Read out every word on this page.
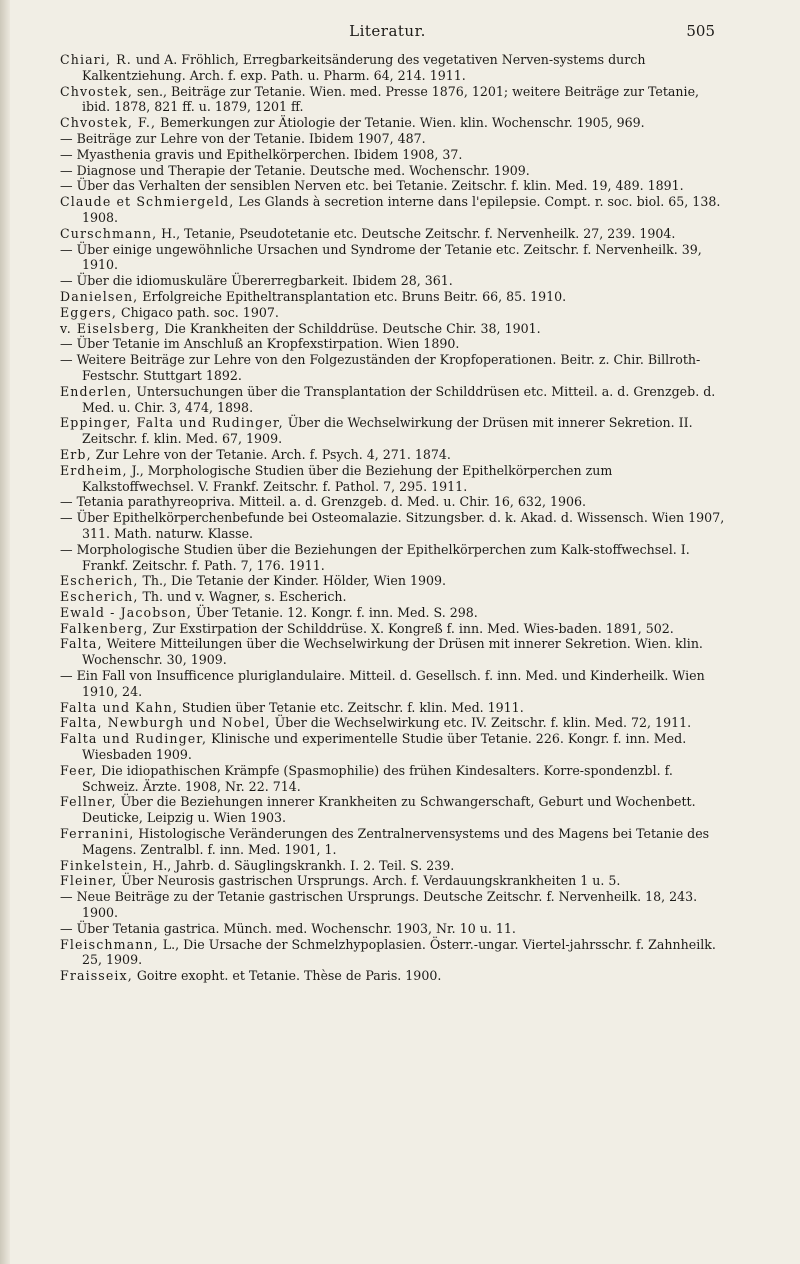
Literatur.	505

Chiari, R. und A. Fröhlich, Erregbarkeitsänderung des vegetativen Nerven-systems durch Kalkentziehung. Arch. f. exp. Path. u. Pharm. 64, 214. 1911.

Chvostek, sen., Beiträge zur Tetanie. Wien. med. Presse 1876, 1201; weitere Beiträge zur Tetanie, ibid. 1878, 821 ff. u. 1879, 1201 ff.

Chvostek, F., Bemerkungen zur Ätiologie der Tetanie. Wien. klin. Wochenschr. 1905, 969.

— Beiträge zur Lehre von der Tetanie. Ibidem 1907, 487.

— Myasthenia gravis und Epithelkörperchen. Ibidem 1908, 37.

— Diagnose und Therapie der Tetanie. Deutsche med. Wochenschr. 1909.

— Über das Verhalten der sensiblen Nerven etc. bei Tetanie. Zeitschr. f. klin. Med. 19, 489. 1891.

Claude et Schmiergeld, Les Glands à secretion interne dans l'epilepsie. Compt. r. soc. biol. 65, 138. 1908.

Curschmann, H., Tetanie, Pseudotetanie etc. Deutsche Zeitschr. f. Nervenheilk. 27, 239. 1904.

— Über einige ungewöhnliche Ursachen und Syndrome der Tetanie etc. Zeitschr. f. Nervenheilk. 39, 1910.

— Über die idiomuskuläre Übererregbarkeit. Ibidem 28, 361.

Danielsen, Erfolgreiche Epitheltransplantation etc. Bruns Beitr. 66, 85. 1910.

Eggers, Chigaco path. soc. 1907.

v. Eiselsberg, Die Krankheiten der Schilddrüse. Deutsche Chir. 38, 1901.

— Über Tetanie im Anschluß an Kropfexstirpation. Wien 1890.

— Weitere Beiträge zur Lehre von den Folgezuständen der Kropfoperationen. Beitr. z. Chir. Billroth-Festschr. Stuttgart 1892.

Enderlen, Untersuchungen über die Transplantation der Schilddrüsen etc. Mitteil. a. d. Grenzgeb. d. Med. u. Chir. 3, 474, 1898.

Eppinger, Falta und Rudinger, Über die Wechselwirkung der Drüsen mit innerer Sekretion. II. Zeitschr. f. klin. Med. 67, 1909.

Erb, Zur Lehre von der Tetanie. Arch. f. Psych. 4, 271. 1874.

Erdheim, J., Morphologische Studien über die Beziehung der Epithelkörperchen zum Kalkstoffwechsel. V. Frankf. Zeitschr. f. Pathol. 7, 295. 1911.

— Tetania parathyreopriva. Mitteil. a. d. Grenzgeb. d. Med. u. Chir. 16, 632, 1906.

— Über Epithelkörperchenbefunde bei Osteomalazie. Sitzungsber. d. k. Akad. d. Wissensch. Wien 1907, 311. Math. naturw. Klasse.

— Morphologische Studien über die Beziehungen der Epithelkörperchen zum Kalk-stoffwechsel. I. Frankf. Zeitschr. f. Path. 7, 176. 1911.

Escherich, Th., Die Tetanie der Kinder. Hölder, Wien 1909.

Escherich, Th. und v. Wagner, s. Escherich.

Ewald - Jacobson, Über Tetanie. 12. Kongr. f. inn. Med. S. 298.

Falkenberg, Zur Exstirpation der Schilddrüse. X. Kongreß f. inn. Med. Wies-baden. 1891, 502.

Falta, Weitere Mitteilungen über die Wechselwirkung der Drüsen mit innerer Sekretion. Wien. klin. Wochenschr. 30, 1909.

— Ein Fall von Insufficence pluriglandulaire. Mitteil. d. Gesellsch. f. inn. Med. und Kinderheilk. Wien 1910, 24.

Falta und Kahn, Studien über Tetanie etc. Zeitschr. f. klin. Med. 1911.

Falta, Newburgh und Nobel, Über die Wechselwirkung etc. IV. Zeitschr. f. klin. Med. 72, 1911.

Falta und Rudinger, Klinische und experimentelle Studie über Tetanie. 226. Kongr. f. inn. Med. Wiesbaden 1909.

Feer, Die idiopathischen Krämpfe (Spasmophilie) des frühen Kindesalters. Korre-spondenzbl. f. Schweiz. Ärzte. 1908, Nr. 22. 714.

Fellner, Über die Beziehungen innerer Krankheiten zu Schwangerschaft, Geburt und Wochenbett. Deuticke, Leipzig u. Wien 1903.

Ferranini, Histologische Veränderungen des Zentralnervensystems und des Magens bei Tetanie des Magens. Zentralbl. f. inn. Med. 1901, 1.

Finkelstein, H., Jahrb. d. Säuglingskrankh. I. 2. Teil. S. 239.

Fleiner, Über Neurosis gastrischen Ursprungs. Arch. f. Verdauungskrankheiten 1 u. 5.

— Neue Beiträge zu der Tetanie gastrischen Ursprungs. Deutsche Zeitschr. f. Nervenheilk. 18, 243. 1900.

— Über Tetania gastrica. Münch. med. Wochenschr. 1903, Nr. 10 u. 11.

Fleischmann, L., Die Ursache der Schmelzhypoplasien. Österr.-ungar. Viertel-jahrsschr. f. Zahnheilk. 25, 1909.

Fraisseix, Goitre exopht. et Tetanie. Thèse de Paris. 1900.
